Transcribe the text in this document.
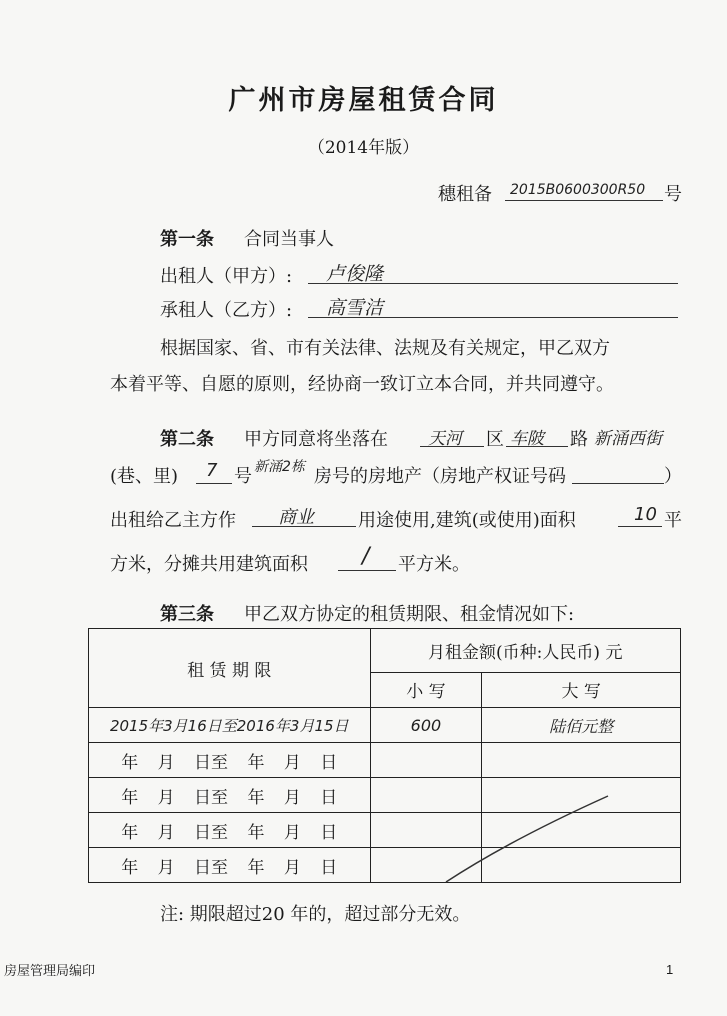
广州市房屋租赁合同
（2014年版）
穗租备 2015B0600300R50 号
第一条 合同当事人
出租人（甲方）: 卢俊隆
承租人（乙方）: 高雪洁
根据国家、省、市有关法律、法规及有关规定，甲乙双方
本着平等、自愿的原则，经协商一致订立本合同，并共同遵守。
第二条 甲方同意将坐落在 天河 区 车陂 路 新涌西街
(巷、里) 7 号 新涌2栋 房号的房地产（房地产权证号码	）
出租给乙主方作 商业 用途使用,建筑(或使用)面积	10 平
方米，分摊共用建筑面积 / 平方米。
第三条 甲乙双方协定的租赁期限、租金情况如下:
租 赁 期 限	月租金额(币种:人民币) 元	
	小 写	大 写
2015年3月16日至2016年3月15日	600	陆佰元整
年 月 日至 年 月 日		
年 月 日至 年 月 日		
年 月 日至 年 月 日		
年 月 日至 年 月 日		
注: 期限超过20 年的，超过部分无效。
房屋管理局编印	1
